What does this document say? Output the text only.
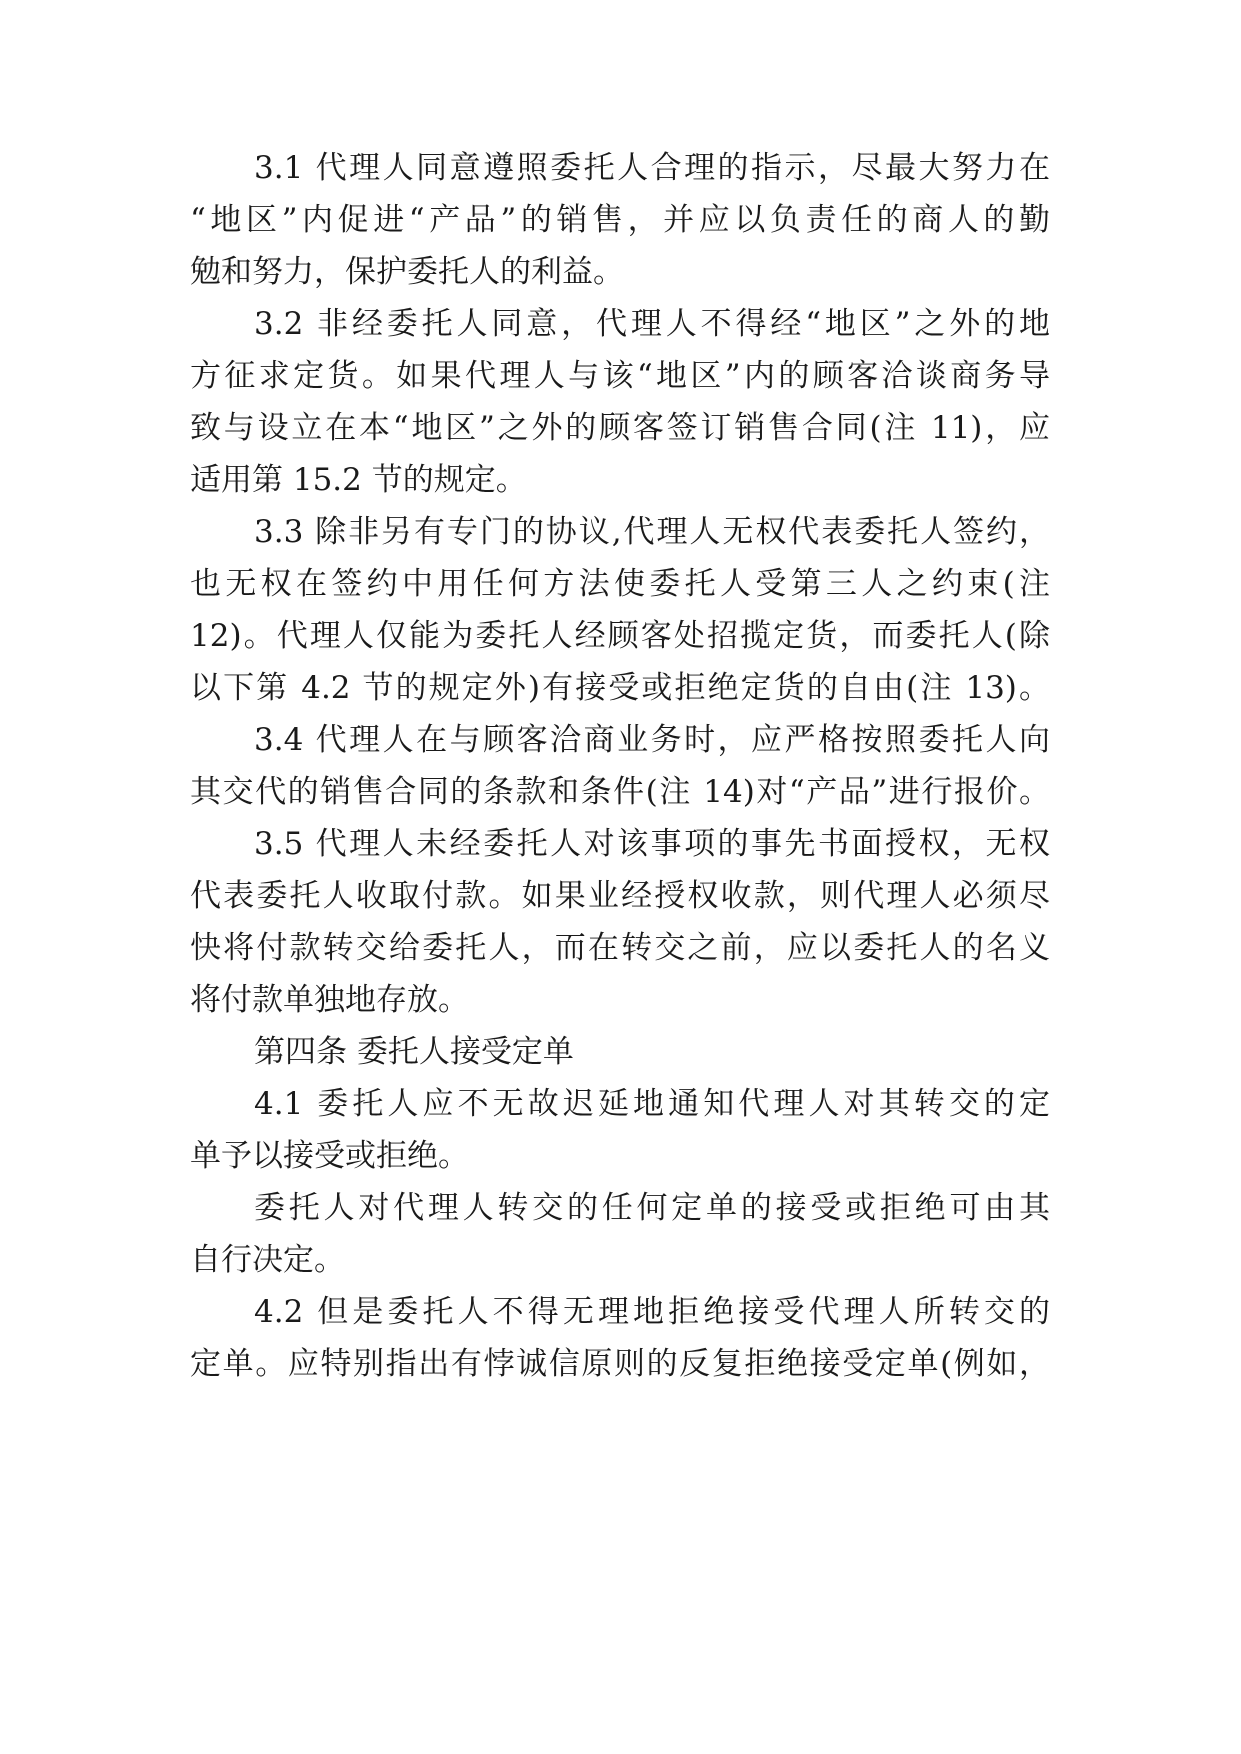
3.1 代理人同意遵照委托人合理的指示，尽最大努力在
“地区”内促进“产品”的销售，并应以负责任的商人的勤
勉和努力，保护委托人的利益。
3.2 非经委托人同意，代理人不得经“地区”之外的地
方征求定货。如果代理人与该“地区”内的顾客洽谈商务导
致与设立在本“地区”之外的顾客签订销售合同(注 11)，应
适用第 15.2 节的规定。
3.3 除非另有专门的协议,代理人无权代表委托人签约，
也无权在签约中用任何方法使委托人受第三人之约束(注
12)。代理人仅能为委托人经顾客处招揽定货，而委托人(除
以下第 4.2 节的规定外)有接受或拒绝定货的自由(注 13)。
3.4 代理人在与顾客洽商业务时，应严格按照委托人向
其交代的销售合同的条款和条件(注 14)对“产品”进行报价。
3.5 代理人未经委托人对该事项的事先书面授权，无权
代表委托人收取付款。如果业经授权收款，则代理人必须尽
快将付款转交给委托人，而在转交之前，应以委托人的名义
将付款单独地存放。
第四条 委托人接受定单
4.1 委托人应不无故迟延地通知代理人对其转交的定
单予以接受或拒绝。
委托人对代理人转交的任何定单的接受或拒绝可由其
自行决定。
4.2 但是委托人不得无理地拒绝接受代理人所转交的
定单。应特别指出有悖诚信原则的反复拒绝接受定单(例如，
